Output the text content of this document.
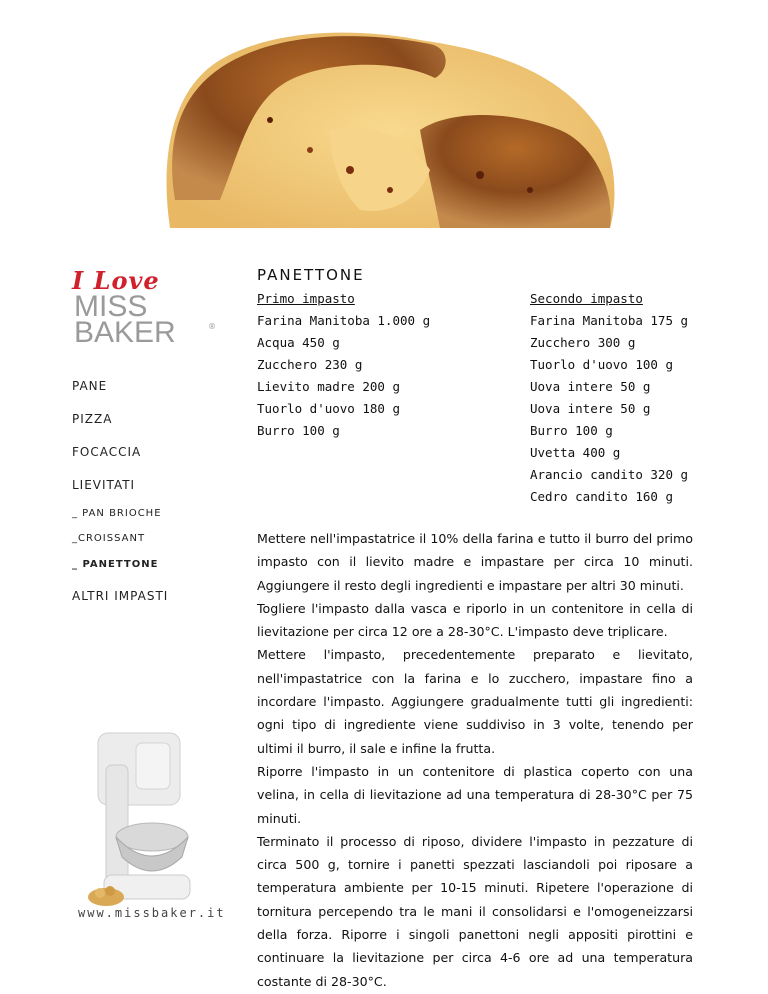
I Love
MISS
BAKER	®
PANE
PIZZA
FOCACCIA
LIEVITATI
_ PAN BRIOCHE
_CROISSANT
_ PANETTONE
ALTRI IMPASTI
PANETTONE
Primo impasto
Farina Manitoba 1.000 g
Acqua 450 g
Zucchero 230 g
Lievito madre 200 g
Tuorlo d'uovo 180 g
Burro 100 g
Secondo impasto
Farina Manitoba 175 g
Zucchero 300 g
Tuorlo d'uovo 100 g
Uova intere 50 g
Uova intere 50 g
Burro 100 g
Uvetta 400 g
Arancio candito 320 g
Cedro candito 160 g

Mettere nell'impastatrice il 10% della farina e tutto il burro del primo impasto con il lievito madre e impastare per circa 10 minuti. Aggiungere il resto degli ingredienti e impastare per altri 30 minuti.

Togliere l'impasto dalla vasca e riporlo in un contenitore in cella di lievitazione per circa 12 ore a 28-30°C. L'impasto deve triplicare.

Mettere l'impasto, precedentemente preparato e lievitato, nell'impastatrice con la farina e lo zucchero, impastare fino a incordare l'impasto. Aggiungere gradualmente tutti gli ingredienti: ogni tipo di ingrediente viene suddiviso in 3 volte, tenendo per ultimi il burro, il sale e infine la frutta.

Riporre l'impasto in un contenitore di plastica coperto con una velina, in cella di lievitazione ad una temperatura di 28-30°C per 75 minuti.

Terminato il processo di riposo, dividere l'impasto in pezzature di circa 500 g, tornire i panetti spezzati lasciandoli poi riposare a temperatura ambiente per 10-15 minuti. Ripetere l'operazione di tornitura percependo tra le mani il consolidarsi e l'omogeneizzarsi della forza. Riporre i singoli panettoni negli appositi pirottini e continuare la lievitazione per circa 4-6 ore ad una temperatura costante di 28-30°C.

www.missbaker.it
